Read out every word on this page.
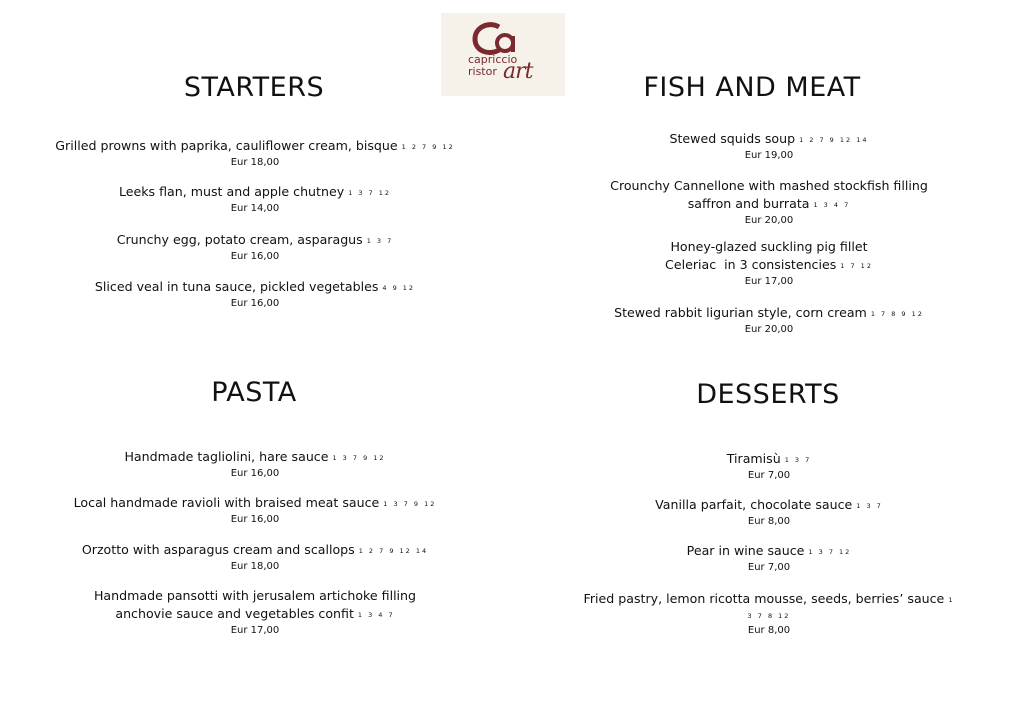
capriccio
ristor art
STARTERS
Grilled prowns with paprika, cauliflower cream, bisque 1 2 7 9 12
Eur 18,00
Leeks flan, must and apple chutney 1 3 7 12
Eur 14,00
Crunchy egg, potato cream, asparagus 1 3 7
Eur 16,00
Sliced veal in tuna sauce, pickled vegetables 4 9 12
Eur 16,00
FISH AND MEAT
Stewed squids soup 1 2 7 9 12 14
Eur 19,00
Crounchy Cannellone with mashed stockfish filling
saffron and burrata 1 3 4 7
Eur 20,00
Honey-glazed suckling pig fillet
Celeriac  in 3 consistencies 1 7 12
Eur 17,00
Stewed rabbit ligurian style, corn cream 1 7 8 9 12
Eur 20,00
PASTA
Handmade tagliolini, hare sauce 1 3 7 9 12
Eur 16,00
Local handmade ravioli with braised meat sauce 1 3 7 9 12
Eur 16,00
Orzotto with asparagus cream and scallops 1 2 7 9 12 14
Eur 18,00
Handmade pansotti with jerusalem artichoke filling
anchovie sauce and vegetables confit 1 3 4 7
Eur 17,00
DESSERTS
Tiramisù 1 3 7
Eur 7,00
Vanilla parfait, chocolate sauce 1 3 7
Eur 8,00
Pear in wine sauce 1 3 7 12
Eur 7,00
Fried pastry, lemon ricotta mousse, seeds, berries’ sauce 1
3 7 8 12
Eur 8,00
